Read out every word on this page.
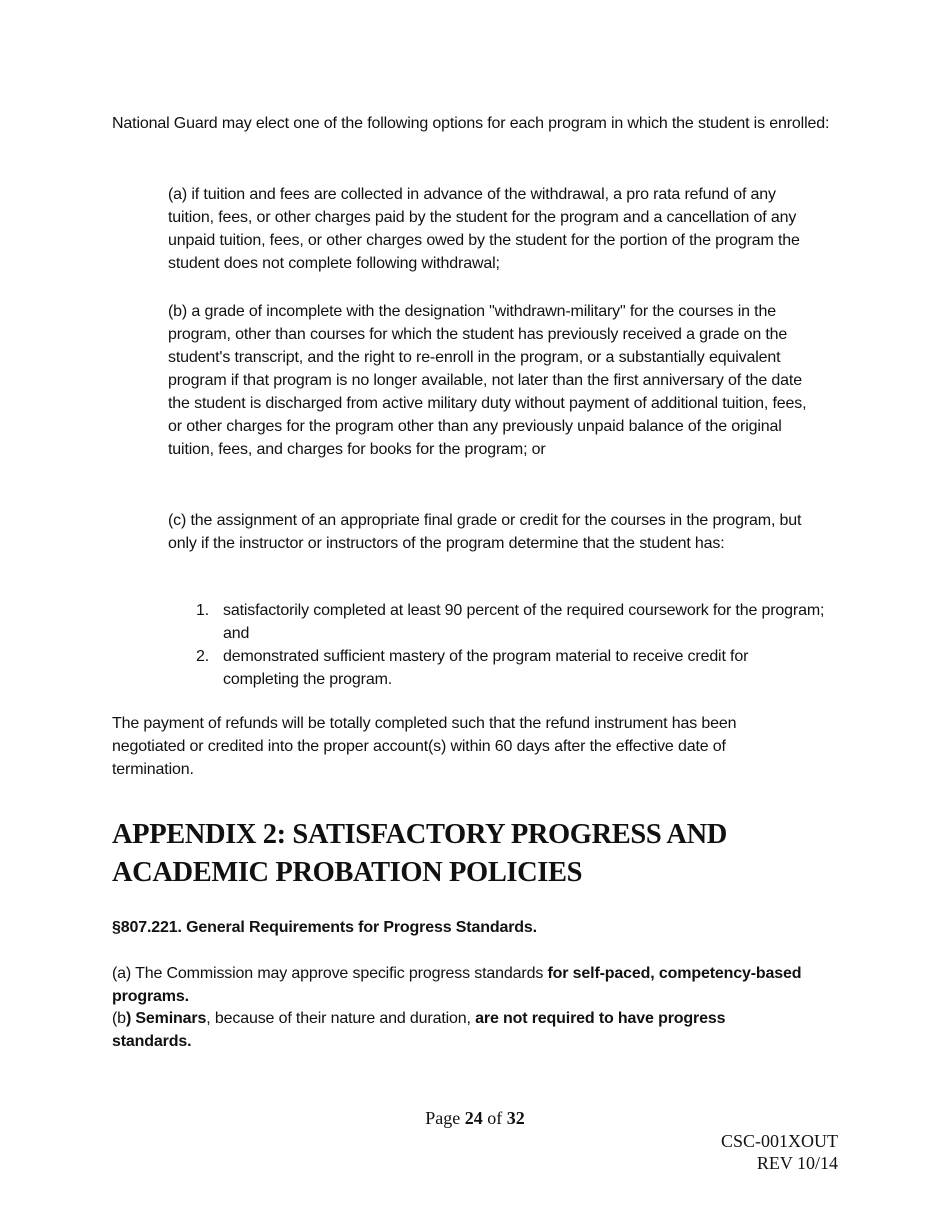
National Guard may elect one of the following options for each program in which the student is enrolled:

(a) if tuition and fees are collected in advance of the withdrawal, a pro rata refund of any tuition, fees, or other charges paid by the student for the program and a cancellation of any unpaid tuition, fees, or other charges owed by the student for the portion of the program the student does not complete following withdrawal;

(b) a grade of incomplete with the designation "withdrawn-military" for the courses in the program, other than courses for which the student has previously received a grade on the student's transcript, and the right to re-enroll in the program, or a substantially equivalent program if that program is no longer available, not later than the first anniversary of the date the student is discharged from active military duty without payment of additional tuition, fees, or other charges for the program other than any previously unpaid balance of the original tuition, fees, and charges for books for the program; or

(c) the assignment of an appropriate final grade or credit for the courses in the program, but only if the instructor or instructors of the program determine that the student has:

1. satisfactorily completed at least 90 percent of the required coursework for the program; and
2. demonstrated sufficient mastery of the program material to receive credit for completing the program.

The payment of refunds will be totally completed such that the refund instrument has been negotiated or credited into the proper account(s) within 60 days after the effective date of termination.

APPENDIX 2: SATISFACTORY PROGRESS AND ACADEMIC PROBATION POLICIES

§807.221. General Requirements for Progress Standards.

(a) The Commission may approve specific progress standards for self-paced, competency-based programs.

(b) Seminars, because of their nature and duration, are not required to have progress standards.

Page 24 of 32
CSC-001XOUT
REV 10/14
